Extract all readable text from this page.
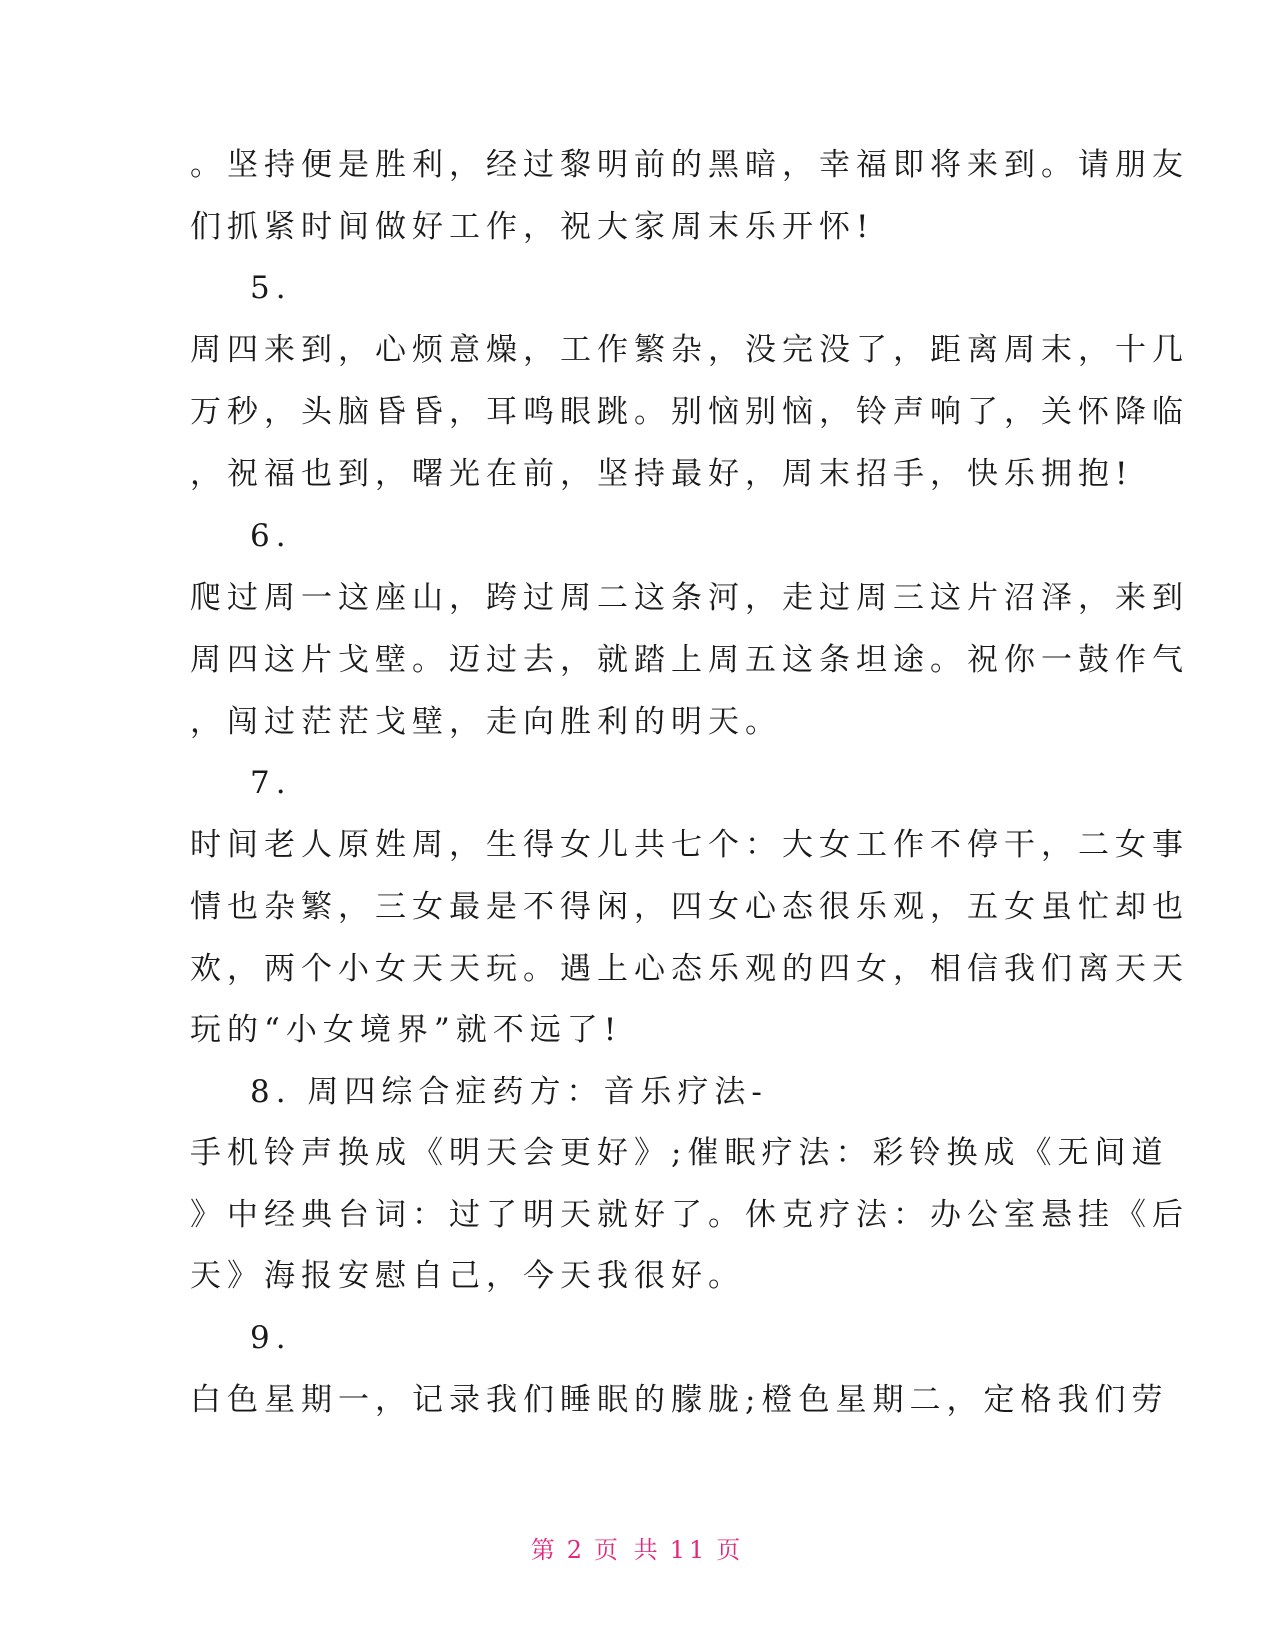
。坚持便是胜利，经过黎明前的黑暗，幸福即将来到。请朋友
们抓紧时间做好工作，祝大家周末乐开怀!
5.
周四来到，心烦意燥，工作繁杂，没完没了，距离周末，十几
万秒，头脑昏昏，耳鸣眼跳。别恼别恼，铃声响了，关怀降临
，祝福也到，曙光在前，坚持最好，周末招手，快乐拥抱!
6.
爬过周一这座山，跨过周二这条河，走过周三这片沼泽，来到
周四这片戈壁。迈过去，就踏上周五这条坦途。祝你一鼓作气
，闯过茫茫戈壁，走向胜利的明天。
7.
时间老人原姓周，生得女儿共七个：大女工作不停干，二女事
情也杂繁，三女最是不得闲，四女心态很乐观，五女虽忙却也
欢，两个小女天天玩。遇上心态乐观的四女，相信我们离天天
玩的“小女境界”就不远了!
8. 周四综合症药方：音乐疗法-
手机铃声换成《明天会更好》;催眠疗法：彩铃换成《无间道
》中经典台词：过了明天就好了。休克疗法：办公室悬挂《后
天》海报安慰自己，今天我很好。
9.
白色星期一，记录我们睡眠的朦胧;橙色星期二，定格我们劳
第 2 页 共 11 页
